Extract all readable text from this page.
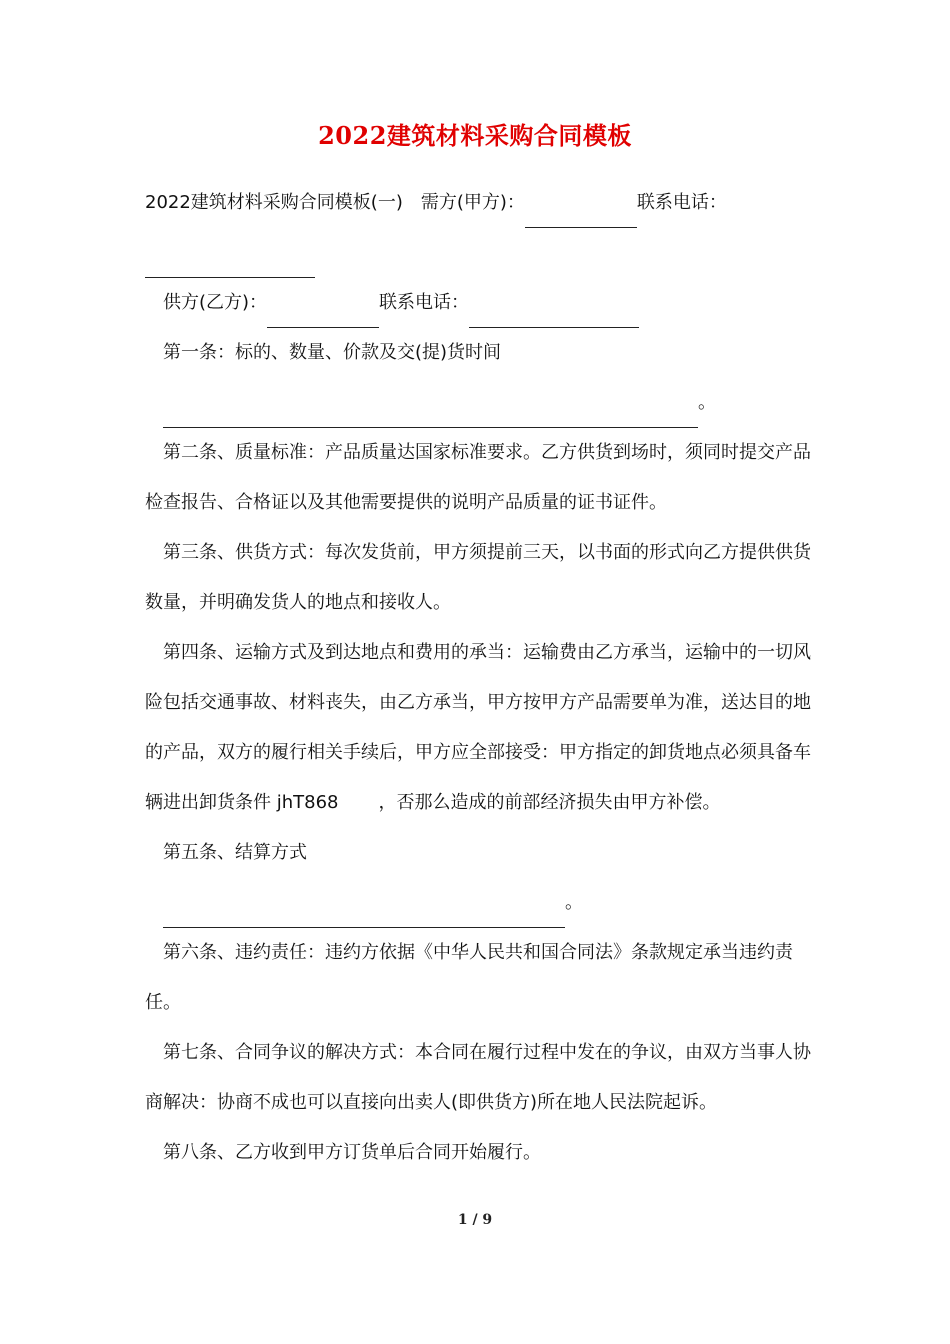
2022建筑材料采购合同模板

2022建筑材料采购合同模板(一)　需方(甲方)：	联系电话：

供方(乙方)：	联系电话：

第一条：标的、数量、价款及交(提)货时间

。

第二条、质量标准：产品质量达国家标准要求。乙方供货到场时，须同时提交产品检查报告、合格证以及其他需要提供的说明产品质量的证书证件。

第三条、供货方式：每次发货前，甲方须提前三天，以书面的形式向乙方提供供货数量，并明确发货人的地点和接收人。

第四条、运输方式及到达地点和费用的承当：运输费由乙方承当，运输中的一切风险包括交通事故、材料丧失，由乙方承当，甲方按甲方产品需要单为准，送达目的地的产品，双方的履行相关手续后，甲方应全部接受：甲方指定的卸货地点必须具备车辆进出卸货条件 jhT868 ，否那么造成的前部经济损失由甲方补偿。

第五条、结算方式

。

第六条、违约责任：违约方依据《中华人民共和国合同法》条款规定承当违约责任。

第七条、合同争议的解决方式：本合同在履行过程中发在的争议，由双方当事人协商解决：协商不成也可以直接向出卖人(即供货方)所在地人民法院起诉。

第八条、乙方收到甲方订货单后合同开始履行。

1 / 9
